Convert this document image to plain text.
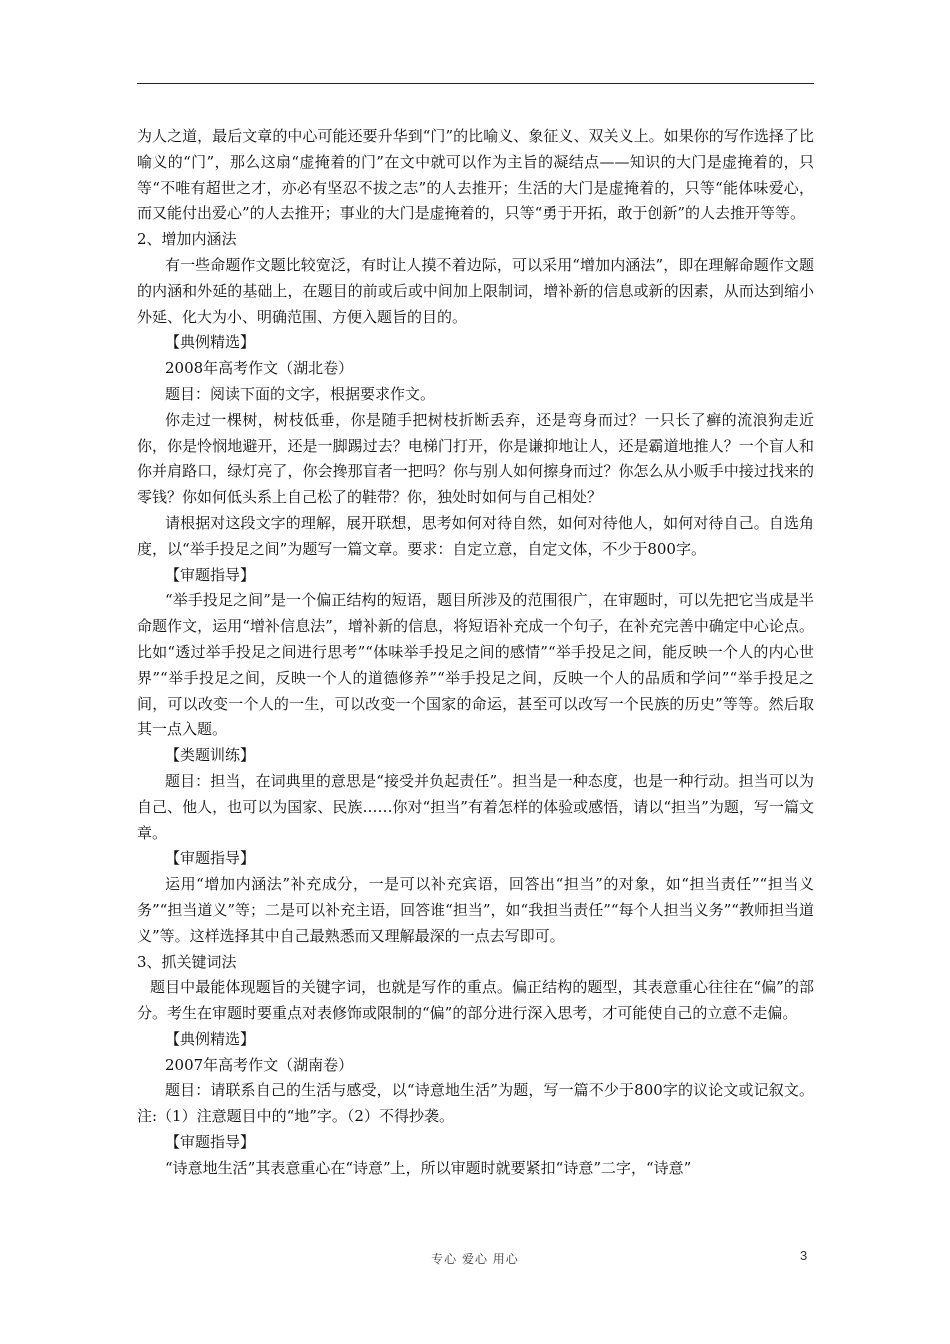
为人之道，最后文章的中心可能还要升华到“门”的比喻义、象征义、双关义上。如果你的写作选择了比喻义的“门”，那么这扇“虚掩着的门”在文中就可以作为主旨的凝结点——知识的大门是虚掩着的，只等“不唯有超世之才，亦必有坚忍不拔之志”的人去推开；生活的大门是虚掩着的，只等“能体味爱心，而又能付出爱心”的人去推开；事业的大门是虚掩着的，只等“勇于开拓，敢于创新”的人去推开等等。

2、增加内涵法

有一些命题作文题比较宽泛，有时让人摸不着边际，可以采用“增加内涵法”，即在理解命题作文题的内涵和外延的基础上，在题目的前或后或中间加上限制词，增补新的信息或新的因素，从而达到缩小外延、化大为小、明确范围、方便入题旨的目的。

【典例精选】

2008年高考作文（湖北卷）

题目：阅读下面的文字，根据要求作文。

你走过一棵树，树枝低垂，你是随手把树枝折断丢弃，还是弯身而过？一只长了癣的流浪狗走近你，你是怜悯地避开，还是一脚踢过去？电梯门打开，你是谦抑地让人，还是霸道地推人？一个盲人和你并肩路口，绿灯亮了，你会搀那盲者一把吗？你与别人如何擦身而过？你怎么从小贩手中接过找来的零钱？你如何低头系上自己松了的鞋带？你，独处时如何与自己相处？

请根据对这段文字的理解，展开联想，思考如何对待自然，如何对待他人，如何对待自己。自选角度，以“举手投足之间”为题写一篇文章。要求：自定立意，自定文体，不少于800字。

【审题指导】

“举手投足之间”是一个偏正结构的短语，题目所涉及的范围很广，在审题时，可以先把它当成是半命题作文，运用“增补信息法”，增补新的信息，将短语补充成一个句子，在补充完善中确定中心论点。比如“透过举手投足之间进行思考”“体味举手投足之间的感情”“举手投足之间，能反映一个人的内心世界”“举手投足之间，反映一个人的道德修养”“举手投足之间，反映一个人的品质和学问”“举手投足之间，可以改变一个人的一生，可以改变一个国家的命运，甚至可以改写一个民族的历史”等等。然后取其一点入题。

【类题训练】

题目：担当，在词典里的意思是“接受并负起责任”。担当是一种态度，也是一种行动。担当可以为自己、他人，也可以为国家、民族……你对“担当”有着怎样的体验或感悟，请以“担当”为题，写一篇文章。

【审题指导】

运用“增加内涵法”补充成分，一是可以补充宾语，回答出“担当”的对象，如“担当责任”“担当义务”“担当道义”等；二是可以补充主语，回答谁“担当”，如“我担当责任”“每个人担当义务”“教师担当道义”等。这样选择其中自己最熟悉而又理解最深的一点去写即可。

3、抓关键词法

题目中最能体现题旨的关键字词，也就是写作的重点。偏正结构的题型，其表意重心往往在“偏”的部分。考生在审题时要重点对表修饰或限制的“偏”的部分进行深入思考，才可能使自己的立意不走偏。

【典例精选】

2007年高考作文（湖南卷）

题目：请联系自己的生活与感受，以“诗意地生活”为题，写一篇不少于800字的议论文或记叙文。注:（1）注意题目中的“地”字。（2）不得抄袭。

【审题指导】

“诗意地生活”其表意重心在“诗意”上，所以审题时就要紧扣“诗意”二字，“诗意”

专心 爱心 用心	3
